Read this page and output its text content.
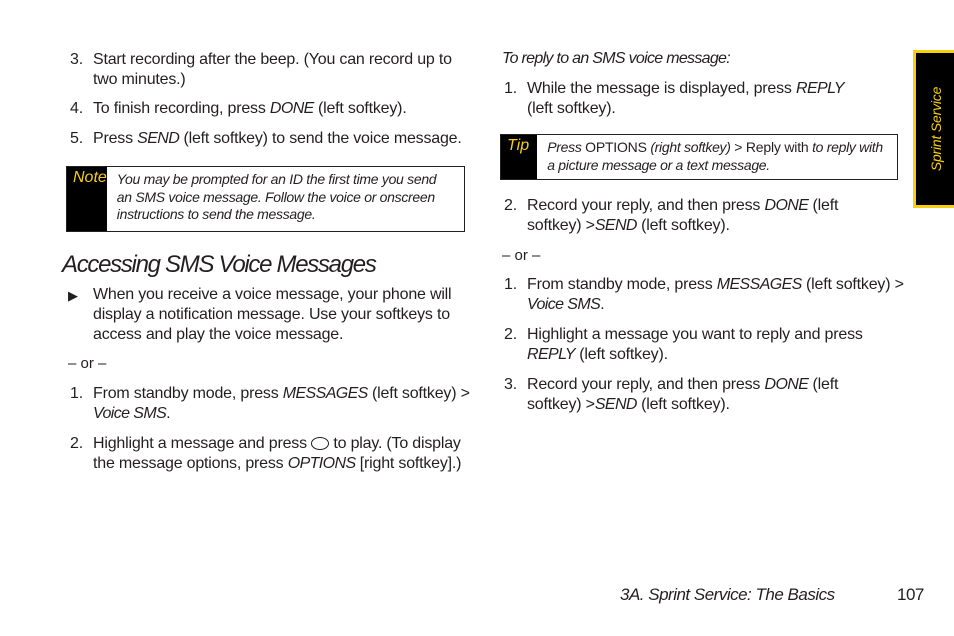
3. Start recording after the beep. (You can record up to two minutes.)
4. To finish recording, press DONE (left softkey).
5. Press SEND (left softkey) to send the voice message.
Note You may be prompted for an ID the first time you send an SMS voice message. Follow the voice or onscreen instructions to send the message.
Accessing SMS Voice Messages
▶ When you receive a voice message, your phone will display a notification message. Use your softkeys to access and play the voice message.
– or –
1. From standby mode, press MESSAGES (left softkey) >
Voice SMS.
2. Highlight a message and press  to play. (To display the message options, press OPTIONS [right softkey].)
To reply to an SMS voice message:
1. While the message is displayed, press REPLY (left softkey).
Tip	Press OPTIONS (right softkey) > Reply with to reply with a picture message or a text message.
2. Record your reply, and then press DONE (left softkey) >SEND (left softkey).
– or –
1. From standby mode, press MESSAGES (left softkey) >
Voice SMS.
2. Highlight a message you want to reply and press REPLY (left softkey).
3. Record your reply, and then press DONE (left softkey) >SEND (left softkey).
Sprint Service
3A. Sprint Service: The Basics	107
